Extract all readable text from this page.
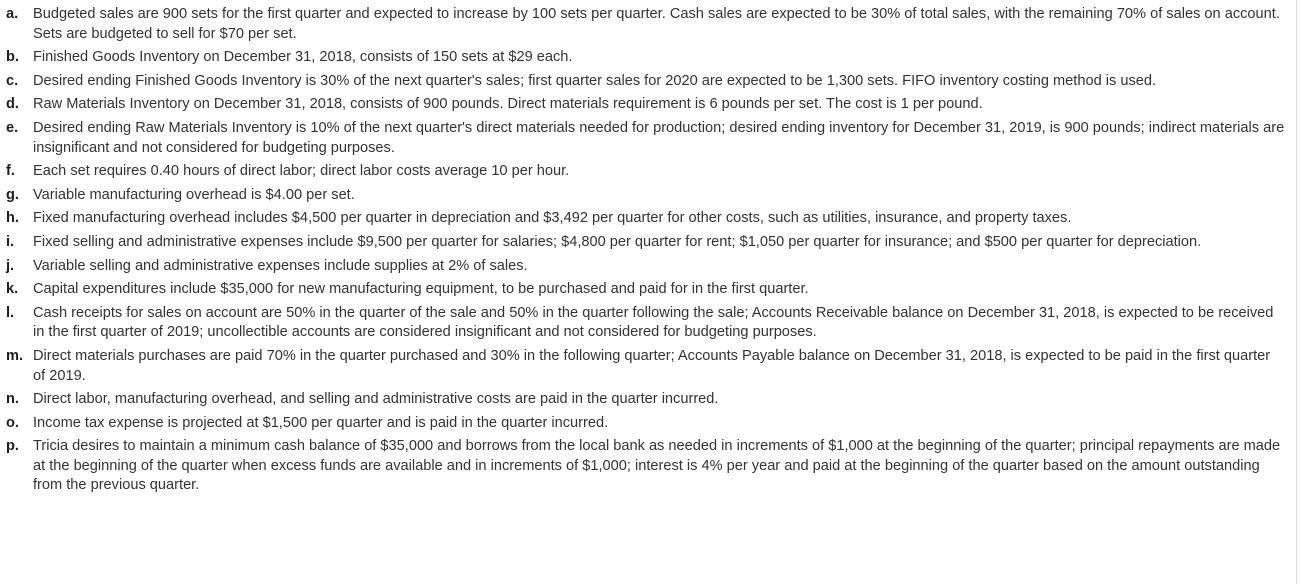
a.	Budgeted sales are 900 sets for the first quarter and expected to increase by 100 sets per quarter. Cash sales are expected to be 30% of total sales, with the remaining 70% of sales on account. Sets are budgeted to sell for $70 per set.
b. Finished Goods Inventory on December 31, 2018, consists of 150 sets at $29 each.
c.	Desired ending Finished Goods Inventory is 30% of the next quarter's sales; first quarter sales for 2020 are expected to be 1,300 sets. FIFO inventory costing method is used.
d. Raw Materials Inventory on December 31, 2018, consists of 900 pounds. Direct materials requirement is 6 pounds per set. The cost is 1 per pound.
e.	Desired ending Raw Materials Inventory is 10% of the next quarter's direct materials needed for production; desired ending inventory for December 31, 2019, is 900 pounds; indirect materials are insignificant and not considered for budgeting purposes.
f.	Each set requires 0.40 hours of direct labor; direct labor costs average 10 per hour.
g. Variable manufacturing overhead is $4.00 per set.
h. Fixed manufacturing overhead includes $4,500 per quarter in depreciation and $3,492 per quarter for other costs, such as utilities, insurance, and property taxes.
i.	Fixed selling and administrative expenses include $9,500 per quarter for salaries; $4,800 per quarter for rent; $1,050 per quarter for insurance; and $500 per quarter for depreciation.
j.	Variable selling and administrative expenses include supplies at 2% of sales.
k.	Capital expenditures include $35,000 for new manufacturing equipment, to be purchased and paid for in the first quarter.
l.	Cash receipts for sales on account are 50% in the quarter of the sale and 50% in the quarter following the sale; Accounts Receivable balance on December 31, 2018, is expected to be received in the first quarter of 2019; uncollectible accounts are considered insignificant and not considered for budgeting purposes.
m. Direct materials purchases are paid 70% in the quarter purchased and 30% in the following quarter; Accounts Payable balance on December 31, 2018, is expected to be paid in the first quarter of 2019.
n. Direct labor, manufacturing overhead, and selling and administrative costs are paid in the quarter incurred.
o. Income tax expense is projected at $1,500 per quarter and is paid in the quarter incurred.
p. Tricia desires to maintain a minimum cash balance of $35,000 and borrows from the local bank as needed in increments of $1,000 at the beginning of the quarter; principal repayments are made at the beginning of the quarter when excess funds are available and in increments of $1,000; interest is 4% per year and paid at the beginning of the quarter based on the amount outstanding from the previous quarter.
